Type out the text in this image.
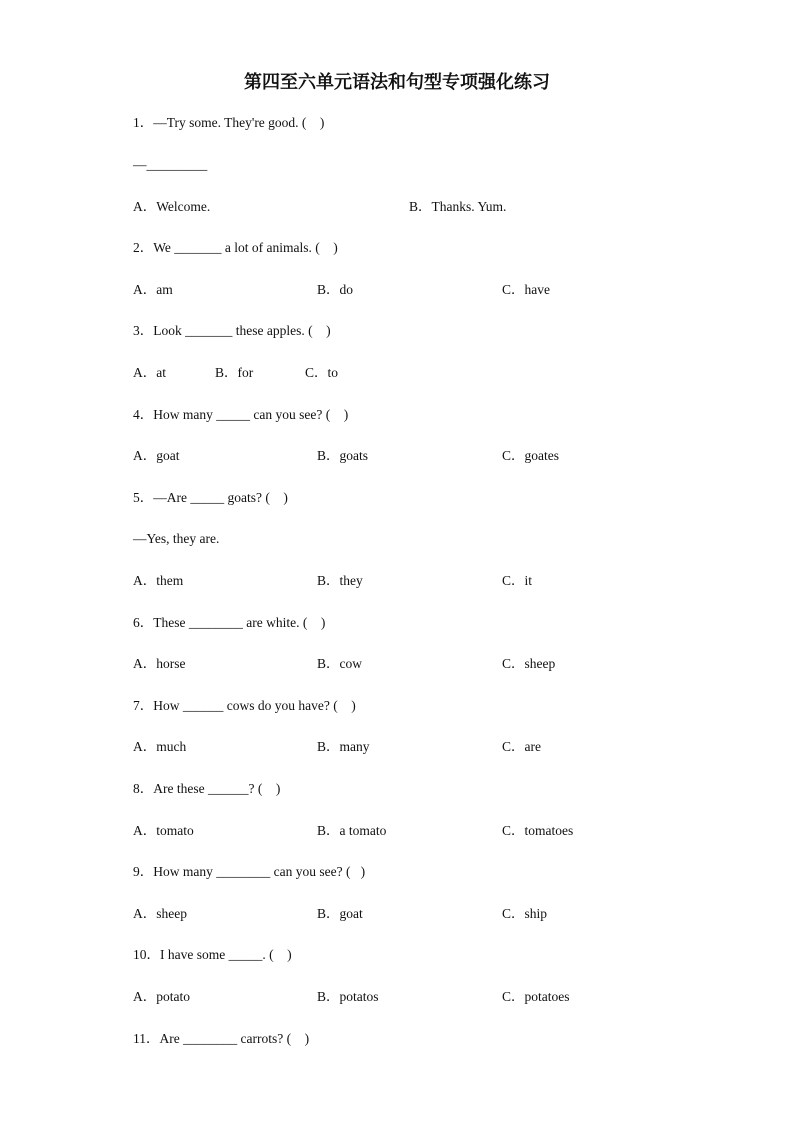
第四至六单元语法和句型专项强化练习
1．—Try some. They're good. (    )
—_________
A．Welcome.	B．Thanks. Yum.
2．We _______ a lot of animals. (    )
A．am	B．do	C．have
3．Look _______ these apples. (    )
A．at	B．for	C．to
4．How many _____ can you see? (    )
A．goat	B．goats	C．goates
5．—Are _____ goats? (    )
—Yes, they are.
A．them	B．they	C．it
6．These ________ are white. (    )
A．horse	B．cow	C．sheep
7．How ______ cows do you have? (    )
A．much	B．many	C．are
8．Are these ______? (    )
A．tomato	B．a tomato	C．tomatoes
9．How many ________ can you see? (   )
A．sheep	B．goat	C．ship
10．I have some _____. (    )
A．potato	B．potatos	C．potatoes
11．Are ________ carrots? (    )
